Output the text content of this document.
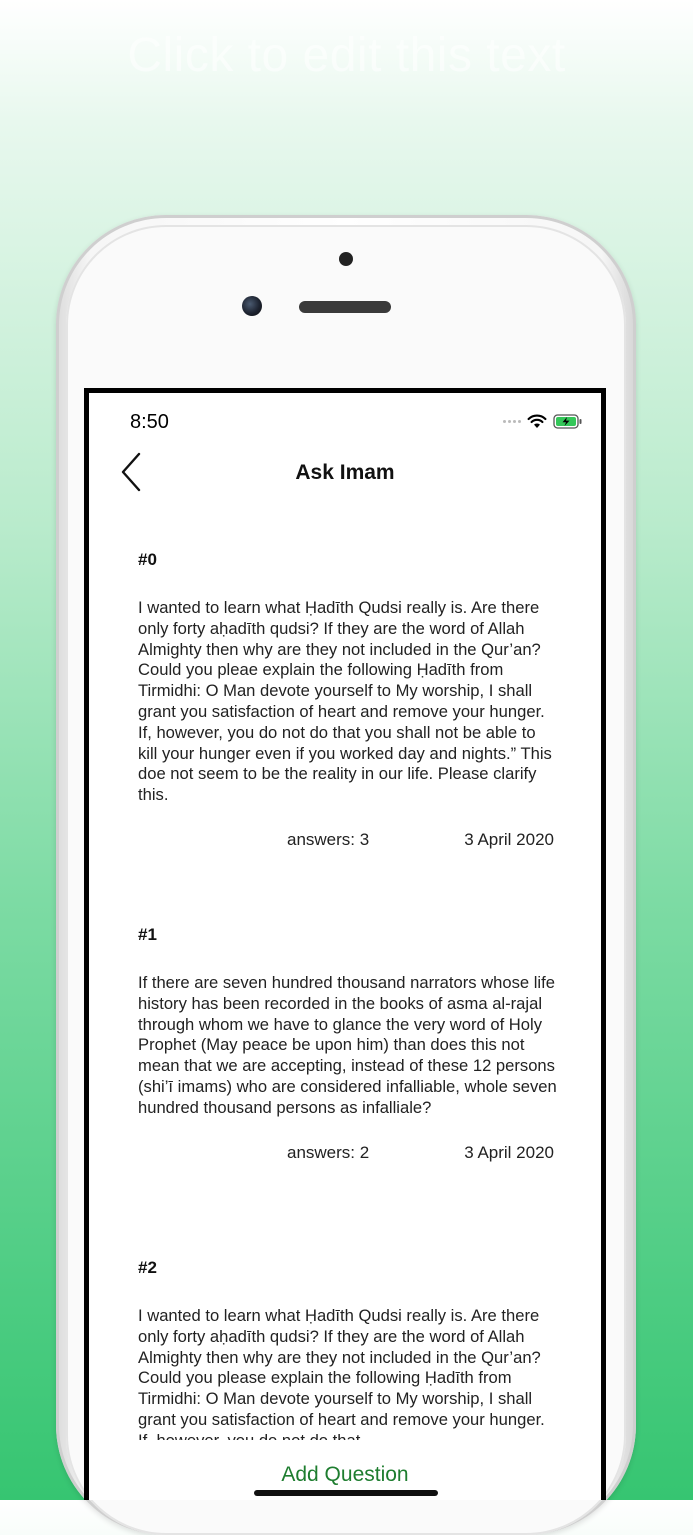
Click to edit this text
8:50
Ask Imam
#0
I wanted to learn what Ḥadīth Qudsi really is. Are there only forty aḥadīth qudsi? If they are the word of Allah Almighty then why are they not included in the Qur’an? Could you pleae explain the following Ḥadīth from Tirmidhi: O Man devote yourself to My worship, I shall grant you satisfaction of heart and remove your hunger. If, however, you do not do that you shall not be able to kill your hunger even if you worked day and nights.” This doe not seem to be the reality in our life. Please clarify this.
answers: 3	3 April 2020
#1
If there are seven hundred thousand narrators whose life history has been recorded in the books of asma al-rajal through whom we have to glance the very word of Holy Prophet (May peace be upon him) than does this not mean that we are accepting, instead of these 12 persons (shi’ī imams) who are considered infalliable, whole seven hundred thousand persons as infalliale?
answers: 2	3 April 2020
#2
I wanted to learn what Ḥadīth Qudsi really is. Are there only forty aḥadīth qudsi? If they are the word of Allah Almighty then why are they not included in the Qur’an? Could you please explain the following Ḥadīth from Tirmidhi: O Man devote yourself to My worship, I shall grant you satisfaction of heart and remove your hunger.
Add Question
